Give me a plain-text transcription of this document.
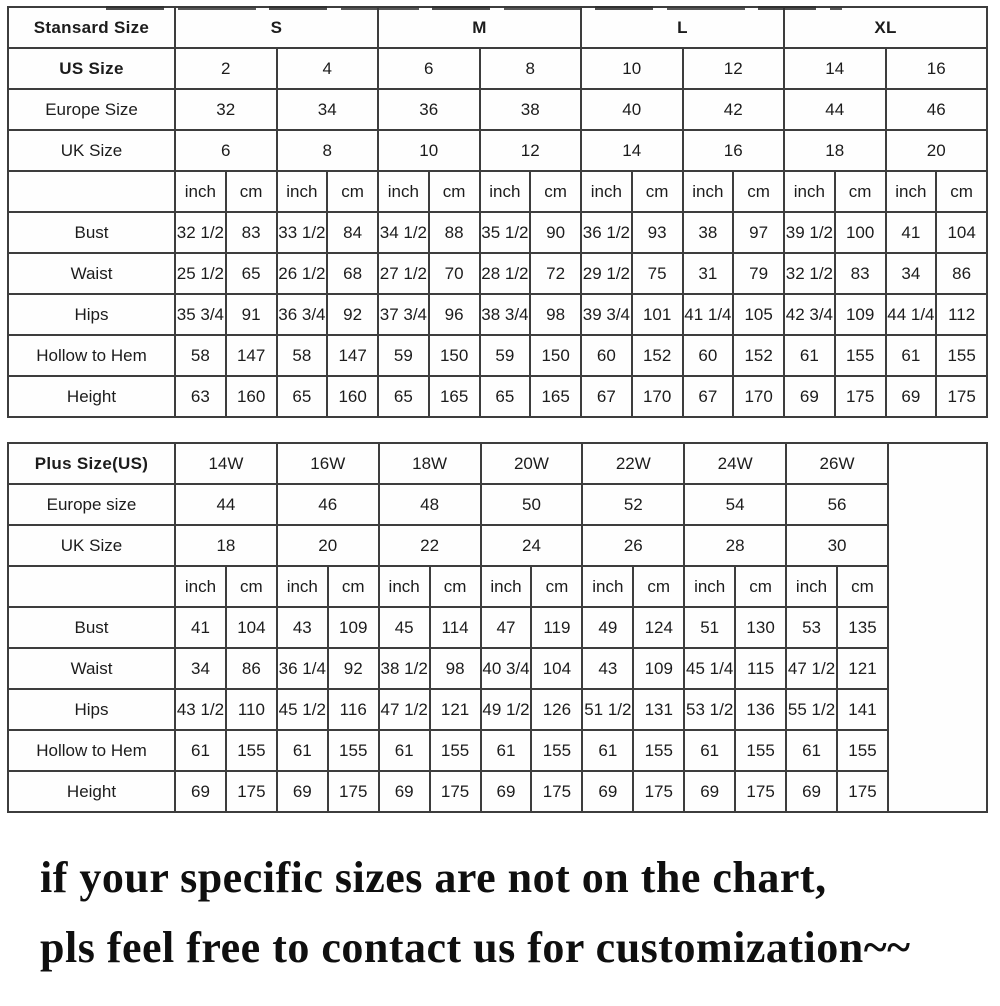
Stansard Size	S				M				L				XL			
US Size	2		4		6		8		10		12		14		16	
Europe Size	32		34		36		38		40		42		44		46	
UK Size	6		8		10		12		14		16		18		20	
	inch	cm	inch	cm	inch	cm	inch	cm	inch	cm	inch	cm	inch	cm	inch	cm
Bust	32 1/2	83	33 1/2	84	34 1/2	88	35 1/2	90	36 1/2	93	38	97	39 1/2	100	41	104
Waist	25 1/2	65	26 1/2	68	27 1/2	70	28 1/2	72	29 1/2	75	31	79	32 1/2	83	34	86
Hips	35 3/4	91	36 3/4	92	37 3/4	96	38 3/4	98	39 3/4	101	41 1/4	105	42 3/4	109	44 1/4	112
Hollow to Hem	58	147	58	147	59	150	59	150	60	152	60	152	61	155	61	155
Height	63	160	65	160	65	165	65	165	67	170	67	170	69	175	69	175
Plus Size(US)	14W		16W		18W		20W		22W		24W		26W		
Europe size	44		46		48		50		52		54		56		
UK Size	18		20		22		24		26		28		30		
	inch	cm	inch	cm	inch	cm	inch	cm	inch	cm	inch	cm	inch	cm	
Bust	41	104	43	109	45	114	47	119	49	124	51	130	53	135	
Waist	34	86	36 1/4	92	38 1/2	98	40 3/4	104	43	109	45 1/4	115	47 1/2	121	
Hips	43 1/2	110	45 1/2	116	47 1/2	121	49 1/2	126	51 1/2	131	53 1/2	136	55 1/2	141	
Hollow to Hem	61	155	61	155	61	155	61	155	61	155	61	155	61	155	
Height	69	175	69	175	69	175	69	175	69	175	69	175	69	175	
if your specific sizes are not on the chart,
pls feel free to contact us for customization~~
